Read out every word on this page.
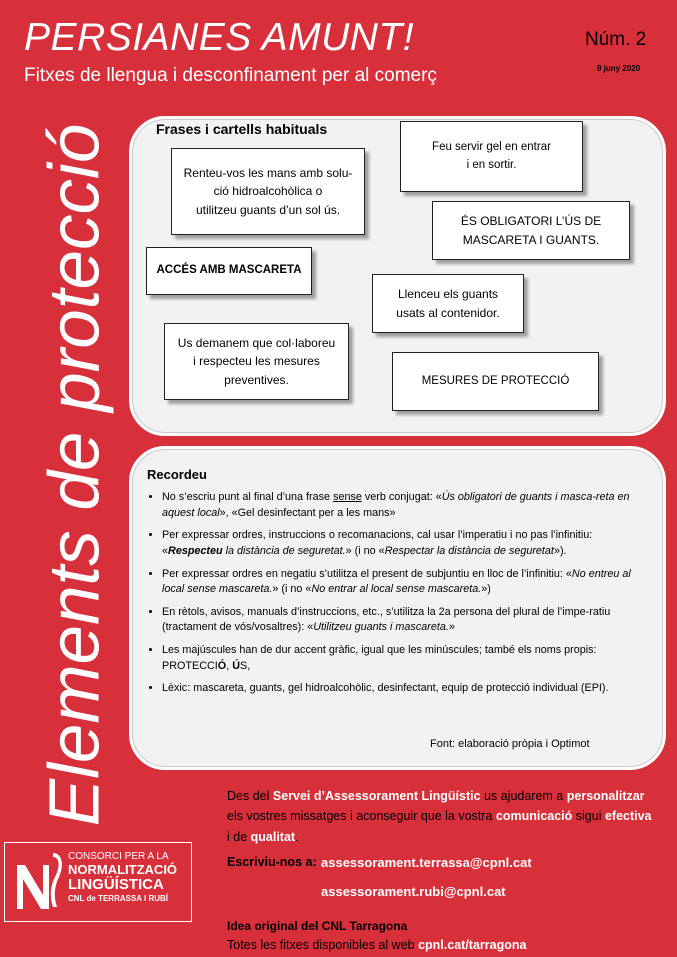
PERSIANES AMUNT!
Fitxes de llengua i desconfinament per al comerç
Núm. 2
9 juny 2020
Elements de protecció	Frases i cartells habituals
Renteu-vos les mans amb solu-
ció hidroalcohòlica o
utilitzeu guants d’un sol ús.
Feu servir gel en entrar
i en sortir.
ÉS OBLIGATORI L’ÚS DE
MASCARETA I GUANTS.
ACCÉS AMB MASCARETA
Llenceu els guants
usats al contenidor.
Us demanem que col·laboreu
i respecteu les mesures
preventives.	MESURES DE PROTECCIÓ
Recordeu
• No s’escriu punt al final d’una frase sense verb conjugat: «Ús obligatori de guants i masca-reta en aquest local», «Gel desinfectant per a les mans»
• Per expressar ordres, instruccions o recomanacions, cal usar l’imperatiu i no pas l’infinitiu: «Respecteu la distància de seguretat.» (i no «Respectar la distància de seguretat»).
• Per expressar ordres en negatiu s’utilitza el present de subjuntiu en lloc de l’infinitiu: «No entreu al local sense mascareta.» (i no «No entrar al local sense mascareta.»)
• En rètols, avisos, manuals d’instruccions, etc., s’utilitza la 2a persona del plural de l’impe-ratiu (tractament de vós/vosaltres): «Utilitzeu guants i mascareta.»
• Les majúscules han de dur accent gràfic, igual que les minúscules; també els noms propis: PROTECCIÓ, ÚS,
• Lèxic: mascareta, guants, gel hidroalcohòlic, desinfectant, equip de protecció individual (EPI).
Font: elaboració pròpia i Optimot
Des del Servei d’Assessorament Lingüístic us ajudarem a personalitzar els vostres missatges i aconseguir que la vostra comunicació sigui efectiva i de qualitat.
Escriviu-nos a: assessorament.terrassa@cpnl.cat
assessorament.rubi@cpnl.cat
Idea original del CNL Tarragona
Totes les fitxes disponibles al web cpnl.cat/tarragona
CONSORCI PER A LA
NORMALITZACIÓ
LINGÜÍSTICA
CNL de TERRASSA I RUBÍ
